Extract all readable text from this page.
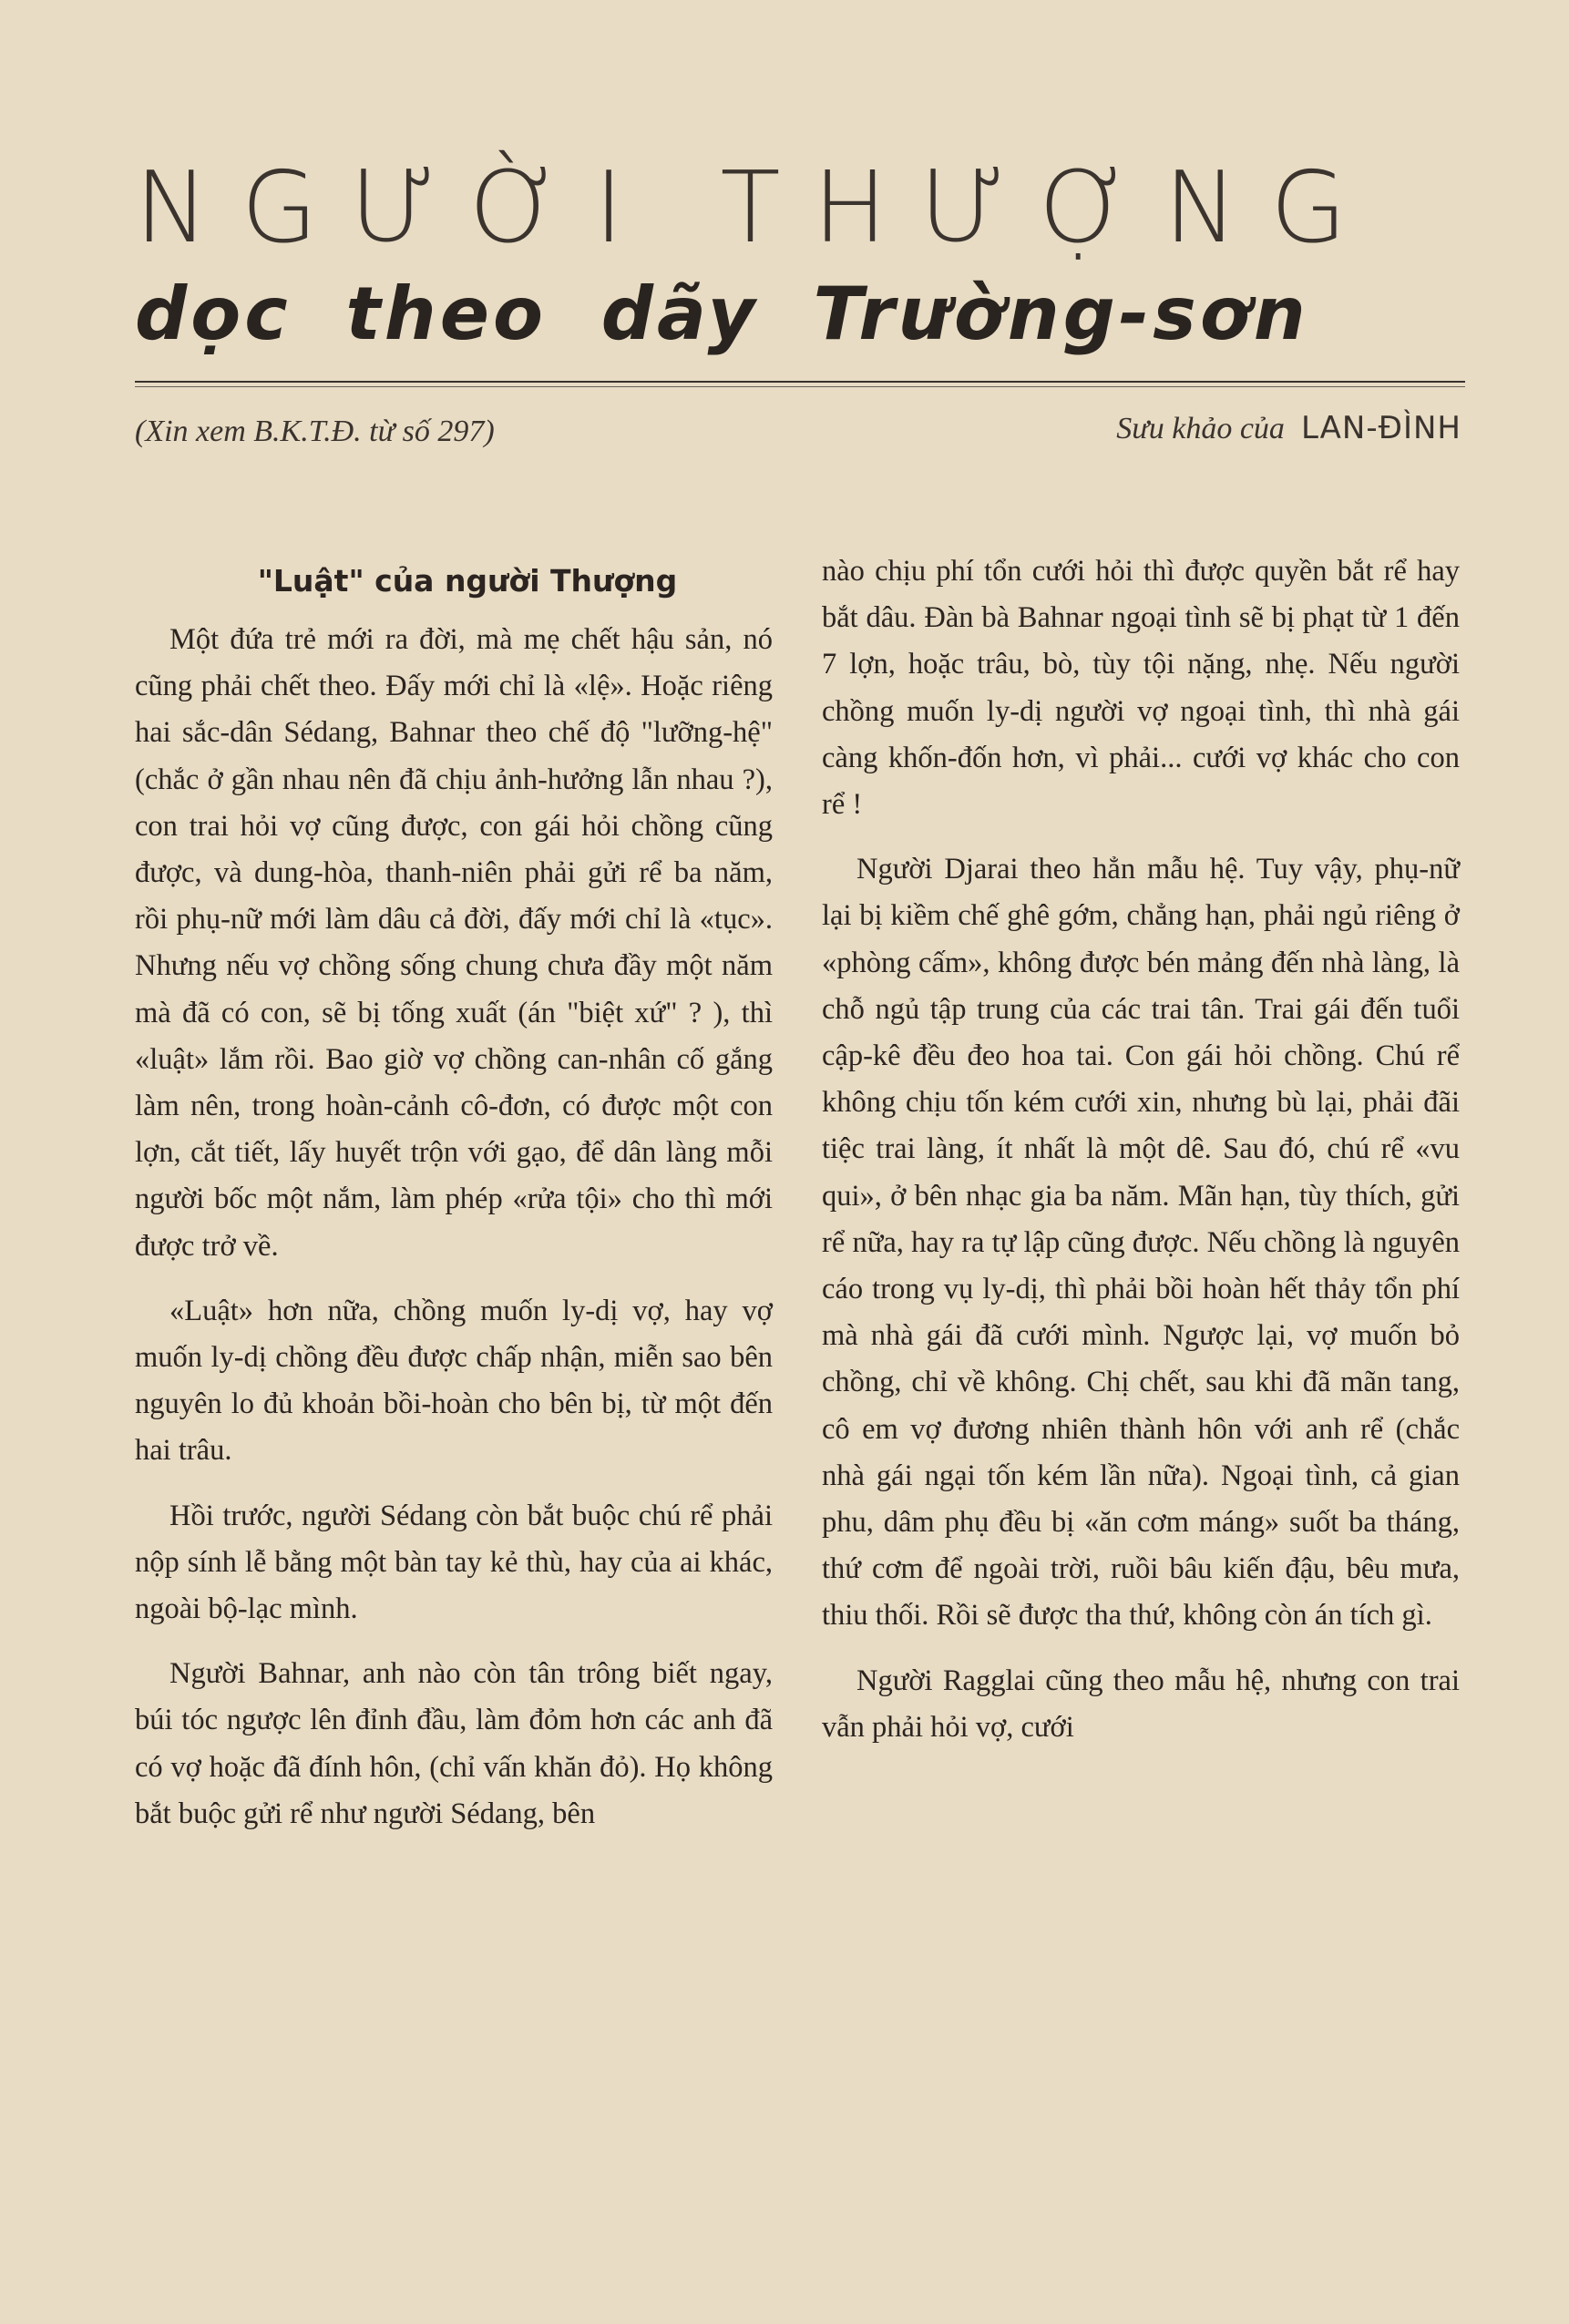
NGƯỜI THƯỢNG
dọc theo dãy Trường-sơn
(Xin xem B.K.T.Đ. từ số 297)	Sưu khảo của LAN-ĐÌNH
"Luật" của người Thượng

Một đứa trẻ mới ra đời, mà mẹ chết hậu sản, nó cũng phải chết theo. Đấy mới chỉ là «lệ». Hoặc riêng hai sắc-dân Sédang, Bahnar theo chế độ "lưỡng-hệ" (chắc ở gần nhau nên đã chịu ảnh-hưởng lẫn nhau ?), con trai hỏi vợ cũng được, con gái hỏi chồng cũng được, và dung-hòa, thanh-niên phải gửi rể ba năm, rồi phụ-nữ mới làm dâu cả đời, đấy mới chỉ là «tục». Nhưng nếu vợ chồng sống chung chưa đầy một năm mà đã có con, sẽ bị tống xuất (án "biệt xứ" ? ), thì «luật» lắm rồi. Bao giờ vợ chồng can-nhân cố gắng làm nên, trong hoàn-cảnh cô-đơn, có được một con lợn, cắt tiết, lấy huyết trộn với gạo, để dân làng mỗi người bốc một nắm, làm phép «rửa tội» cho thì mới được trở về.

«Luật» hơn nữa, chồng muốn ly-dị vợ, hay vợ muốn ly-dị chồng đều được chấp nhận, miễn sao bên nguyên lo đủ khoản bồi-hoàn cho bên bị, từ một đến hai trâu.

Hồi trước, người Sédang còn bắt buộc chú rể phải nộp sính lễ bằng một bàn tay kẻ thù, hay của ai khác, ngoài bộ-lạc mình.

Người Bahnar, anh nào còn tân trông biết ngay, búi tóc ngược lên đỉnh đầu, làm đỏm hơn các anh đã có vợ hoặc đã đính hôn, (chỉ vấn khăn đỏ). Họ không bắt buộc gửi rể như người Sédang, bên

nào chịu phí tổn cưới hỏi thì được quyền bắt rể hay bắt dâu. Đàn bà Bahnar ngoại tình sẽ bị phạt từ 1 đến 7 lợn, hoặc trâu, bò, tùy tội nặng, nhẹ. Nếu người chồng muốn ly-dị người vợ ngoại tình, thì nhà gái càng khốn-đốn hơn, vì phải... cưới vợ khác cho con rể !

Người Djarai theo hẳn mẫu hệ. Tuy vậy, phụ-nữ lại bị kiềm chế ghê gớm, chẳng hạn, phải ngủ riêng ở «phòng cấm», không được bén mảng đến nhà làng, là chỗ ngủ tập trung của các trai tân. Trai gái đến tuổi cập-kê đều đeo hoa tai. Con gái hỏi chồng. Chú rể không chịu tốn kém cưới xin, nhưng bù lại, phải đãi tiệc trai làng, ít nhất là một dê. Sau đó, chú rể «vu qui», ở bên nhạc gia ba năm. Mãn hạn, tùy thích, gửi rể nữa, hay ra tự lập cũng được. Nếu chồng là nguyên cáo trong vụ ly-dị, thì phải bồi hoàn hết thảy tổn phí mà nhà gái đã cưới mình. Ngược lại, vợ muốn bỏ chồng, chỉ về không. Chị chết, sau khi đã mãn tang, cô em vợ đương nhiên thành hôn với anh rể (chắc nhà gái ngại tốn kém lần nữa). Ngoại tình, cả gian phu, dâm phụ đều bị «ăn cơm máng» suốt ba tháng, thứ cơm để ngoài trời, ruồi bâu kiến đậu, bêu mưa, thiu thối. Rồi sẽ được tha thứ, không còn án tích gì.

Người Ragglai cũng theo mẫu hệ, nhưng con trai vẫn phải hỏi vợ, cưới
